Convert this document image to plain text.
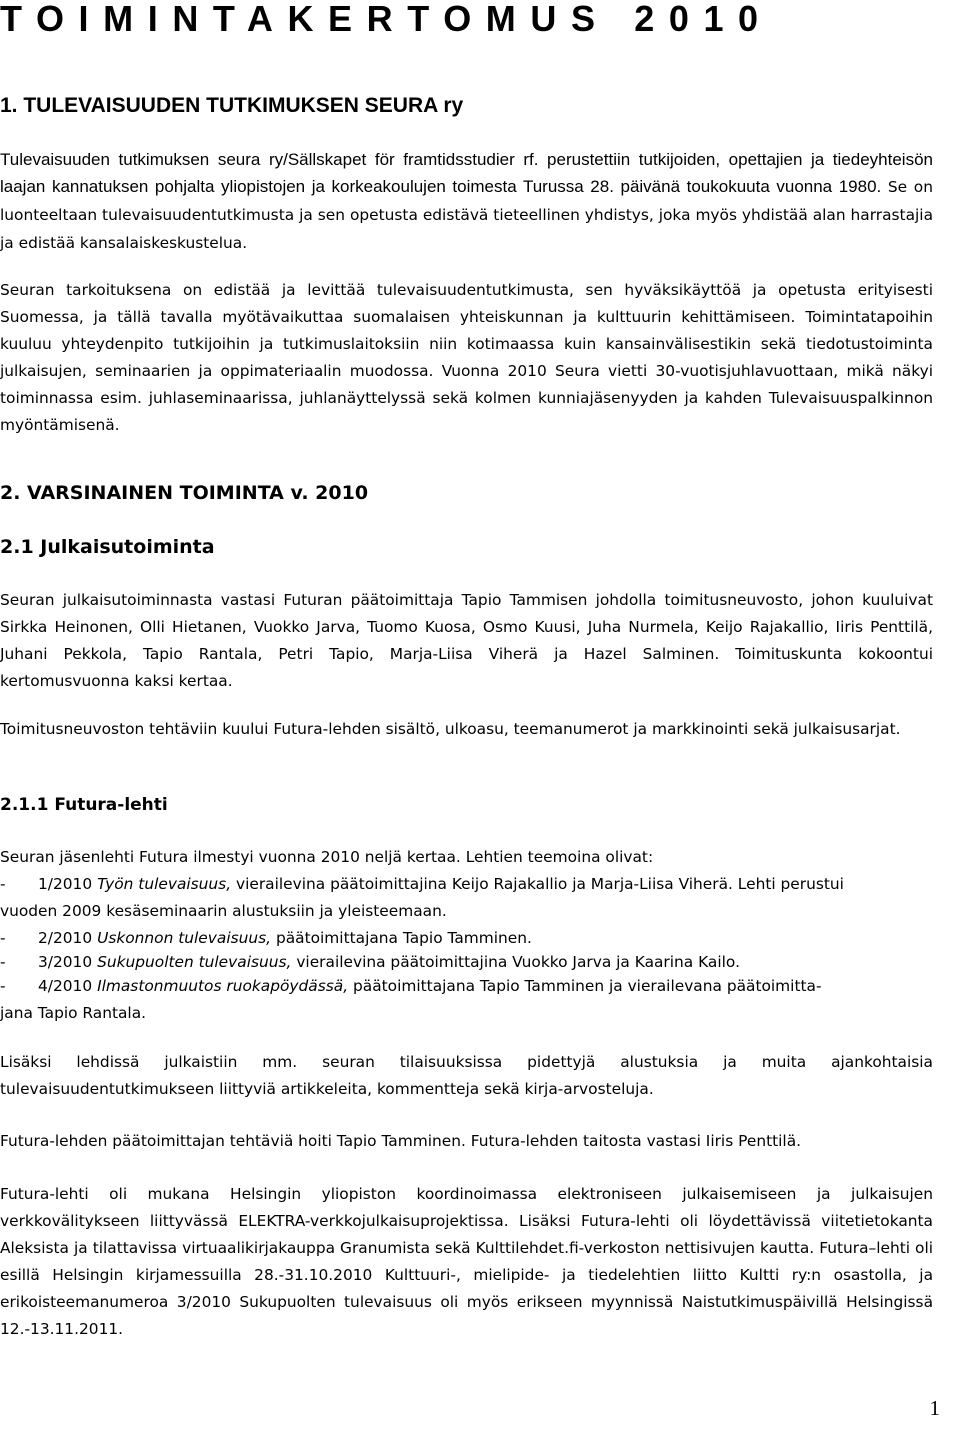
TOIMINTAKERTOMUS 2010
1. TULEVAISUUDEN TUTKIMUKSEN SEURA ry

Tulevaisuuden tutkimuksen seura ry/Sällskapet för framtidsstudier rf. perustettiin tutkijoiden, opettajien ja tiedeyhteisön laajan kannatuksen pohjalta yliopistojen ja korkeakoulujen toimesta Turussa 28. päivänä toukokuuta vuonna 1980. Se on luonteeltaan tulevaisuudentutkimusta ja sen opetusta edistävä tieteellinen yhdistys, joka myös yhdistää alan harrastajia ja edistää kansalaiskeskustelua.

Seuran tarkoituksena on edistää ja levittää tulevaisuudentutkimusta, sen hyväksikäyttöä ja opetusta erityisesti Suomessa, ja tällä tavalla myötävaikuttaa suomalaisen yhteiskunnan ja kulttuurin kehittämiseen. Toimintatapoihin kuuluu yhteydenpito tutkijoihin ja tutkimuslaitoksiin niin kotimaassa kuin kansainvälisestikin sekä tiedotustoiminta julkaisujen, seminaarien ja oppimateriaalin muodossa. Vuonna 2010 Seura vietti 30-vuotisjuhlavuottaan, mikä näkyi toiminnassa esim. juhlaseminaarissa, juhlanäyttelyssä sekä kolmen kunniajäsenyyden ja kahden Tulevaisuuspalkinnon myöntämisenä.

2. VARSINAINEN TOIMINTA v. 2010
2.1 Julkaisutoiminta

Seuran julkaisutoiminnasta vastasi Futuran päätoimittaja Tapio Tammisen johdolla toimitusneuvosto, johon kuuluivat Sirkka Heinonen, Olli Hietanen, Vuokko Jarva, Tuomo Kuosa, Osmo Kuusi, Juha Nurmela, Keijo Rajakallio, Iiris Penttilä, Juhani Pekkola, Tapio Rantala, Petri Tapio, Marja-Liisa Viherä ja Hazel Salminen. Toimituskunta kokoontui kertomusvuonna kaksi kertaa.

Toimitusneuvoston tehtäviin kuului Futura-lehden sisältö, ulkoasu, teemanumerot ja markkinointi sekä julkaisusarjat.

2.1.1 Futura-lehti

Seuran jäsenlehti Futura ilmestyi vuonna 2010 neljä kertaa. Lehtien teemoina olivat:

- 1/2010 Työn tulevaisuus, vierailevina päätoimittajina Keijo Rajakallio ja Marja-Liisa Viherä. Lehti perustui
vuoden 2009 kesäseminaarin alustuksiin ja yleisteemaan.
- 2/2010 Uskonnon tulevaisuus, päätoimittajana Tapio Tamminen.
- 3/2010 Sukupuolten tulevaisuus, vierailevina päätoimittajina Vuokko Jarva ja Kaarina Kailo.
- 4/2010 Ilmastonmuutos ruokapöydässä, päätoimittajana Tapio Tamminen ja vierailevana päätoimitta-
jana Tapio Rantala.

Lisäksi lehdissä julkaistiin mm. seuran tilaisuuksissa pidettyjä alustuksia ja muita ajankohtaisia tulevaisuudentutkimukseen liittyviä artikkeleita, kommentteja sekä kirja-arvosteluja.

Futura-lehden päätoimittajan tehtäviä hoiti Tapio Tamminen. Futura-lehden taitosta vastasi Iiris Penttilä.

Futura-lehti oli mukana Helsingin yliopiston koordinoimassa elektroniseen julkaisemiseen ja julkaisujen verkkovälitykseen liittyvässä ELEKTRA-verkkojulkaisuprojektissa. Lisäksi Futura-lehti oli löydettävissä viitetietokanta Aleksista ja tilattavissa virtuaalikirjakauppa Granumista sekä Kulttilehdet.fi-verkoston nettisivujen kautta. Futura–lehti oli esillä Helsingin kirjamessuilla 28.-31.10.2010 Kulttuuri-, mielipide- ja tiedelehtien liitto Kultti ry:n osastolla, ja erikoisteemanumeroa 3/2010 Sukupuolten tulevaisuus oli myös erikseen myynnissä Naistutkimuspäivillä Helsingissä 12.-13.11.2011.

1
